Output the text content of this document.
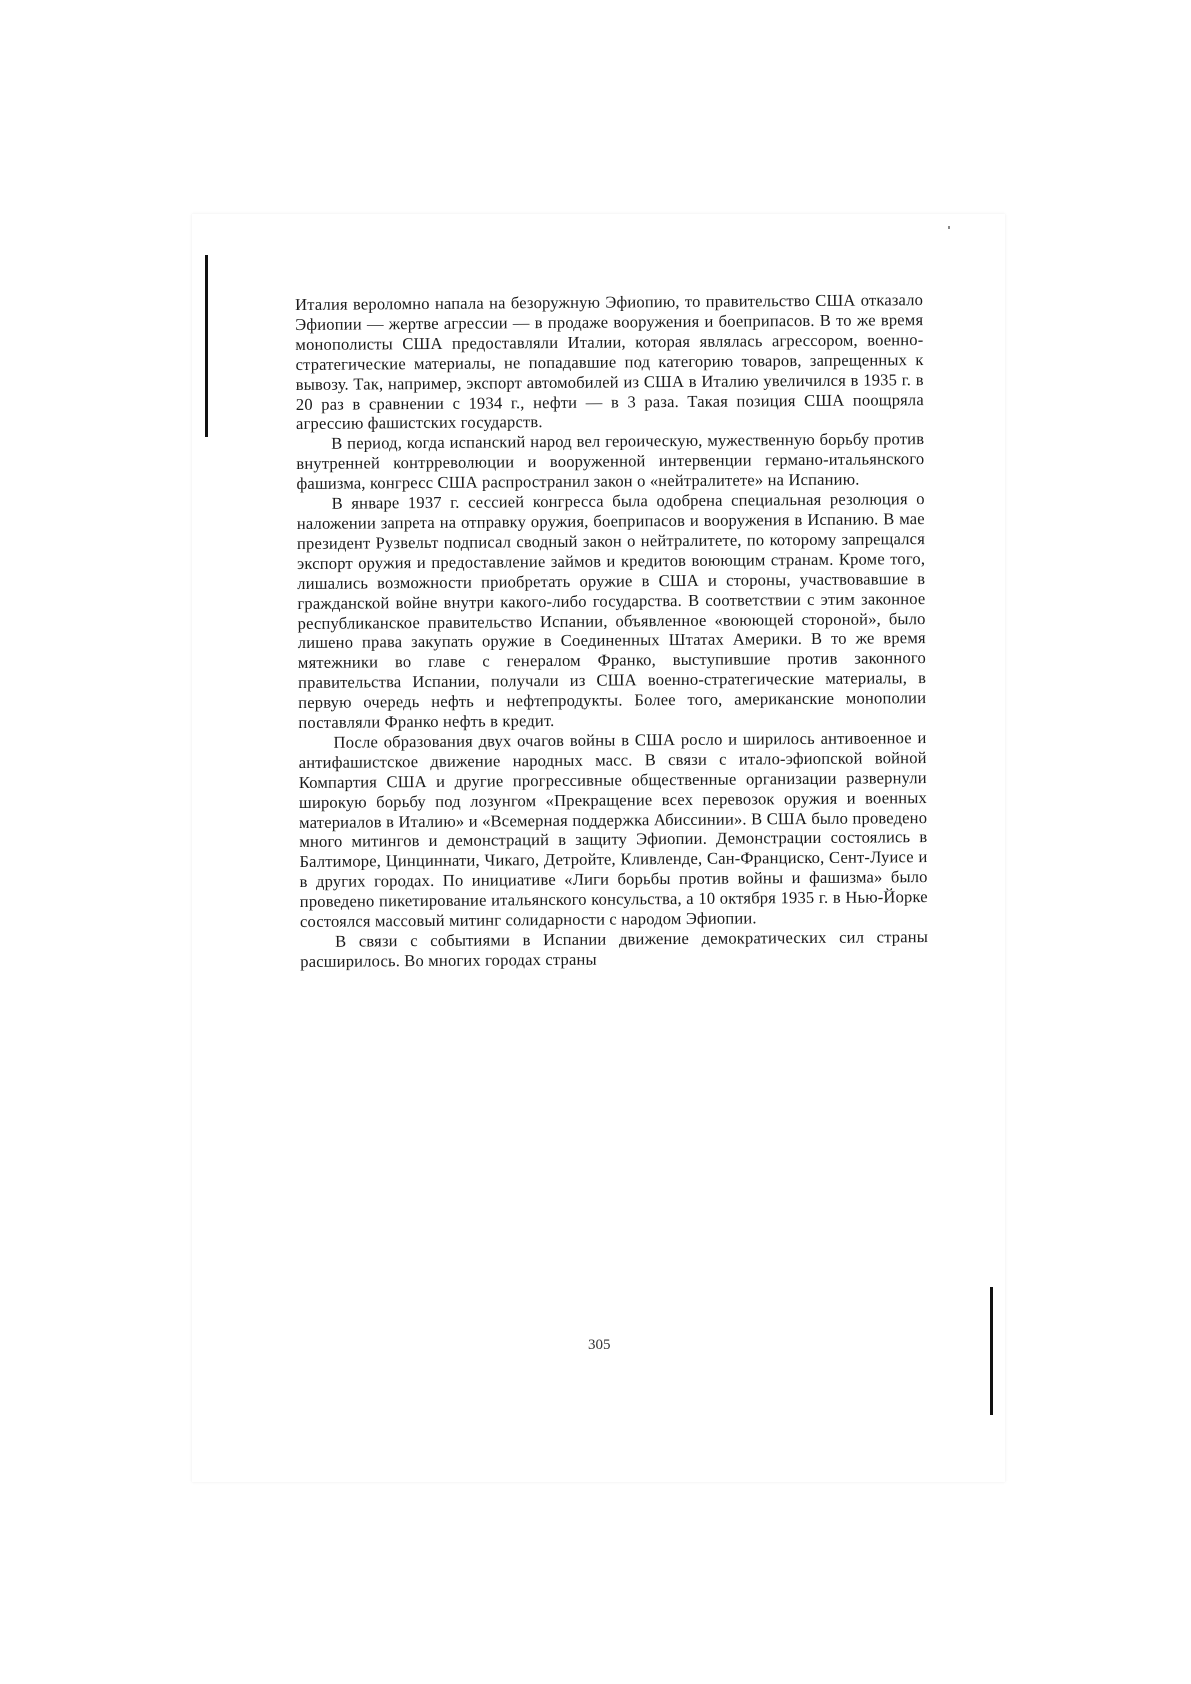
Италия вероломно напала на безоружную Эфиопию, то правительство США отказало Эфиопии — жертве агрессии — в продаже вооружения и боеприпасов. В то же время монополисты США предоставляли Италии, которая являлась агрессором, военно-стратегические материалы, не попадавшие под категорию товаров, запрещенных к вывозу. Так, например, экспорт автомобилей из США в Италию увеличился в 1935 г. в 20 раз в сравнении с 1934 г., нефти — в 3 раза. Такая позиция США поощряла агрессию фашистских государств.

В период, когда испанский народ вел героическую, мужественную борьбу против внутренней контрреволюции и вооруженной интервенции германо-итальянского фашизма, конгресс США распространил закон о «нейтралитете» на Испанию.

В январе 1937 г. сессией конгресса была одобрена специальная резолюция о наложении запрета на отправку оружия, боеприпасов и вооружения в Испанию. В мае президент Рузвельт подписал сводный закон о нейтралитете, по которому запрещался экспорт оружия и предоставление займов и кредитов воюющим странам. Кроме того, лишались возможности приобретать оружие в США и стороны, участвовавшие в гражданской войне внутри какого-либо государства. В соответствии с этим законное республиканское правительство Испании, объявленное «воюющей стороной», было лишено права закупать оружие в Соединенных Штатах Америки. В то же время мятежники во главе с генералом Франко, выступившие против законного правительства Испании, получали из США военно-стратегические материалы, в первую очередь нефть и нефтепродукты. Более того, американские монополии поставляли Франко нефть в кредит.

После образования двух очагов войны в США росло и ширилось антивоенное и антифашистское движение народных масс. В связи с итало-эфиопской войной Компартия США и другие прогрессивные общественные организации развернули широкую борьбу под лозунгом «Прекращение всех перевозок оружия и военных материалов в Италию» и «Всемерная поддержка Абиссинии». В США было проведено много митингов и демонстраций в защиту Эфиопии. Демонстрации состоялись в Балтиморе, Цинциннати, Чикаго, Детройте, Кливленде, Сан-Франциско, Сент-Луисе и в других городах. По инициативе «Лиги борьбы против войны и фашизма» было проведено пикетирование итальянского консульства, а 10 октября 1935 г. в Нью-Йорке состоялся массовый митинг солидарности с народом Эфиопии.

В связи с событиями в Испании движение демократических сил страны расширилось. Во многих городах страны

305
